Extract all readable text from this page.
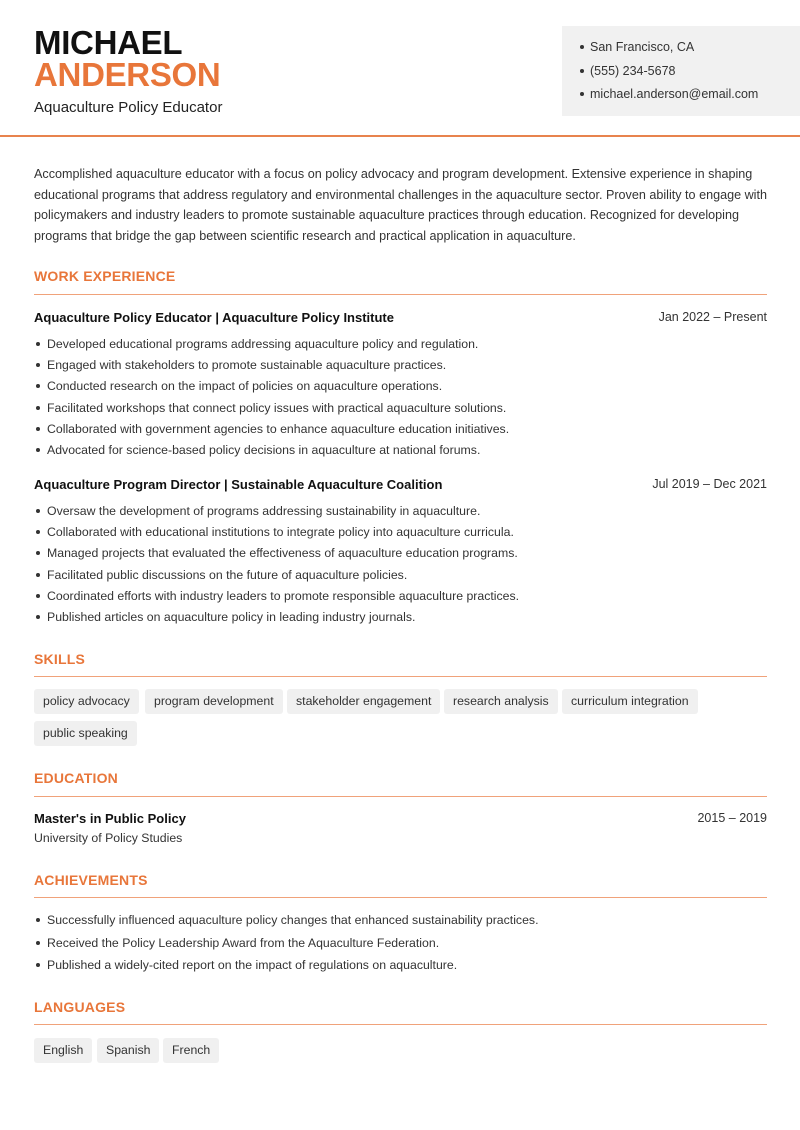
MICHAEL
ANDERSON
Aquaculture Policy Educator
San Francisco, CA
(555) 234-5678
michael.anderson@email.com

Accomplished aquaculture educator with a focus on policy advocacy and program development. Extensive experience in shaping educational programs that address regulatory and environmental challenges in the aquaculture sector. Proven ability to engage with policymakers and industry leaders to promote sustainable aquaculture practices through education. Recognized for developing programs that bridge the gap between scientific research and practical application in aquaculture.

WORK EXPERIENCE
Aquaculture Policy Educator | Aquaculture Policy Institute	Jan 2022 – Present
Developed educational programs addressing aquaculture policy and regulation.
Engaged with stakeholders to promote sustainable aquaculture practices.
Conducted research on the impact of policies on aquaculture operations.
Facilitated workshops that connect policy issues with practical aquaculture solutions.
Collaborated with government agencies to enhance aquaculture education initiatives.
Advocated for science-based policy decisions in aquaculture at national forums.
Aquaculture Program Director | Sustainable Aquaculture Coalition	Jul 2019 – Dec 2021
Oversaw the development of programs addressing sustainability in aquaculture.
Collaborated with educational institutions to integrate policy into aquaculture curricula.
Managed projects that evaluated the effectiveness of aquaculture education programs.
Facilitated public discussions on the future of aquaculture policies.
Coordinated efforts with industry leaders to promote responsible aquaculture practices.
Published articles on aquaculture policy in leading industry journals.
SKILLS
policy advocacy	program development	stakeholder engagement	research analysis	curriculum integration
public speaking
EDUCATION
Master's in Public Policy	2015 – 2019
University of Policy Studies
ACHIEVEMENTS
Successfully influenced aquaculture policy changes that enhanced sustainability practices.
Received the Policy Leadership Award from the Aquaculture Federation.
Published a widely-cited report on the impact of regulations on aquaculture.
LANGUAGES
English	Spanish	French
